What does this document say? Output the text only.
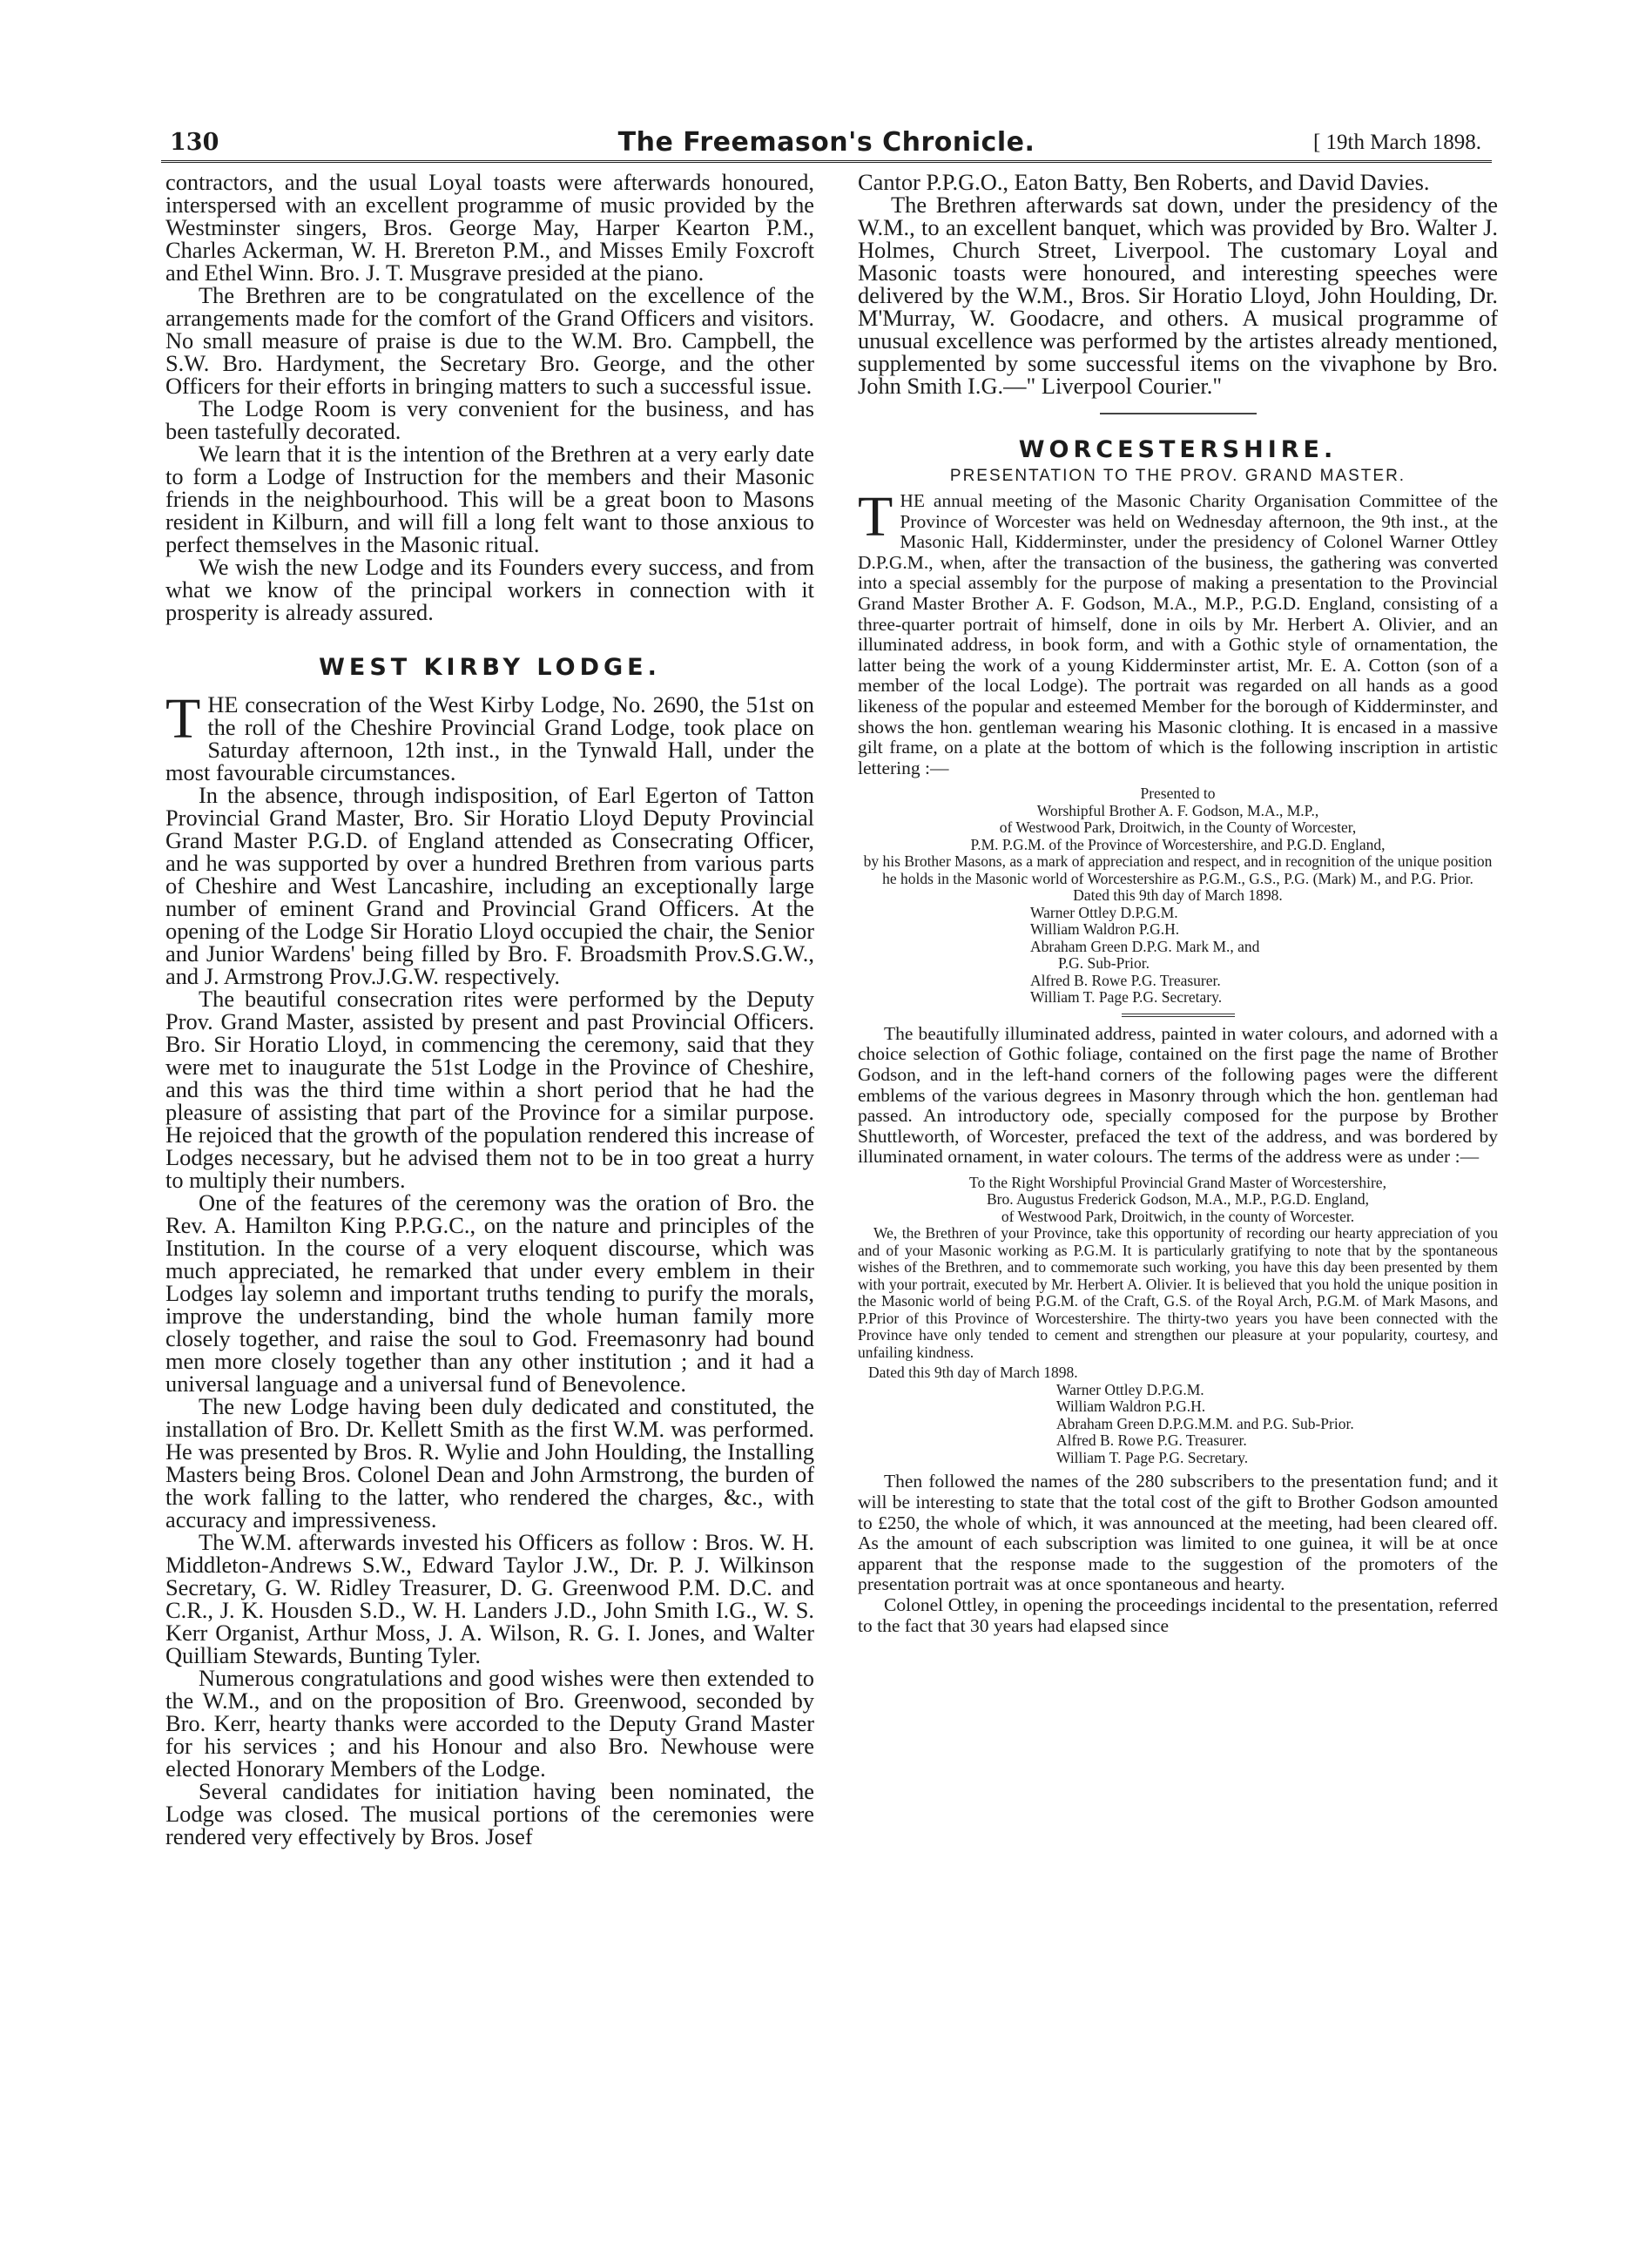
130	The Freemason's Chronicle.	[ 19th March 1898.

contractors, and the usual Loyal toasts were afterwards honoured, interspersed with an excellent programme of music provided by the Westminster singers, Bros. George May, Harper Kearton P.M., Charles Ackerman, W. H. Brereton P.M., and Misses Emily Foxcroft and Ethel Winn. Bro. J. T. Musgrave presided at the piano.

The Brethren are to be congratulated on the excellence of the arrangements made for the comfort of the Grand Officers and visitors. No small measure of praise is due to the W.M. Bro. Campbell, the S.W. Bro. Hardyment, the Secretary Bro. George, and the other Officers for their efforts in bringing matters to such a successful issue.

The Lodge Room is very convenient for the business, and has been tastefully decorated.

We learn that it is the intention of the Brethren at a very early date to form a Lodge of Instruction for the members and their Masonic friends in the neighbourhood. This will be a great boon to Masons resident in Kilburn, and will fill a long felt want to those anxious to perfect themselves in the Masonic ritual.

We wish the new Lodge and its Founders every success, and from what we know of the principal workers in connection with it prosperity is already assured.

WEST KIRBY LODGE.

THE consecration of the West Kirby Lodge, No. 2690, the 51st on the roll of the Cheshire Provincial Grand Lodge, took place on Saturday afternoon, 12th inst., in the Tynwald Hall, under the most favourable circumstances.

In the absence, through indisposition, of Earl Egerton of Tatton Provincial Grand Master, Bro. Sir Horatio Lloyd Deputy Provincial Grand Master P.G.D. of England attended as Consecrating Officer, and he was supported by over a hundred Brethren from various parts of Cheshire and West Lancashire, including an exceptionally large number of eminent Grand and Provincial Grand Officers. At the opening of the Lodge Sir Horatio Lloyd occupied the chair, the Senior and Junior Wardens' being filled by Bro. F. Broadsmith Prov.S.G.W., and J. Armstrong Prov.J.G.W. respectively.

The beautiful consecration rites were performed by the Deputy Prov. Grand Master, assisted by present and past Provincial Officers. Bro. Sir Horatio Lloyd, in commencing the ceremony, said that they were met to inaugurate the 51st Lodge in the Province of Cheshire, and this was the third time within a short period that he had the pleasure of assisting that part of the Province for a similar purpose. He rejoiced that the growth of the population rendered this increase of Lodges necessary, but he advised them not to be in too great a hurry to multiply their numbers.

One of the features of the ceremony was the oration of Bro. the Rev. A. Hamilton King P.P.G.C., on the nature and principles of the Institution. In the course of a very eloquent discourse, which was much appreciated, he remarked that under every emblem in their Lodges lay solemn and important truths tending to purify the morals, improve the understanding, bind the whole human family more closely together, and raise the soul to God. Freemasonry had bound men more closely together than any other institution ; and it had a universal language and a universal fund of Benevolence.

The new Lodge having been duly dedicated and constituted, the installation of Bro. Dr. Kellett Smith as the first W.M. was performed. He was presented by Bros. R. Wylie and John Houlding, the Installing Masters being Bros. Colonel Dean and John Armstrong, the burden of the work falling to the latter, who rendered the charges, &c., with accuracy and impressiveness.

The W.M. afterwards invested his Officers as follow : Bros. W. H. Middleton-Andrews S.W., Edward Taylor J.W., Dr. P. J. Wilkinson Secretary, G. W. Ridley Treasurer, D. G. Greenwood P.M. D.C. and C.R., J. K. Housden S.D., W. H. Landers J.D., John Smith I.G., W. S. Kerr Organist, Arthur Moss, J. A. Wilson, R. G. I. Jones, and Walter Quilliam Stewards, Bunting Tyler.

Numerous congratulations and good wishes were then extended to the W.M., and on the proposition of Bro. Greenwood, seconded by Bro. Kerr, hearty thanks were accorded to the Deputy Grand Master for his services ; and his Honour and also Bro. Newhouse were elected Honorary Members of the Lodge.

Several candidates for initiation having been nominated, the Lodge was closed. The musical portions of the ceremonies were rendered very effectively by Bros. Josef

Cantor P.P.G.O., Eaton Batty, Ben Roberts, and David Davies.

The Brethren afterwards sat down, under the presidency of the W.M., to an excellent banquet, which was provided by Bro. Walter J. Holmes, Church Street, Liverpool. The customary Loyal and Masonic toasts were honoured, and interesting speeches were delivered by the W.M., Bros. Sir Horatio Lloyd, John Houlding, Dr. M'Murray, W. Goodacre, and others. A musical programme of unusual excellence was performed by the artistes already mentioned, supplemented by some successful items on the vivaphone by Bro. John Smith I.G.—" Liverpool Courier."

WORCESTERSHIRE.
PRESENTATION TO THE PROV. GRAND MASTER.

THE annual meeting of the Masonic Charity Organisation Committee of the Province of Worcester was held on Wednesday afternoon, the 9th inst., at the Masonic Hall, Kidderminster, under the presidency of Colonel Warner Ottley D.P.G.M., when, after the transaction of the business, the gathering was converted into a special assembly for the purpose of making a presentation to the Provincial Grand Master Brother A. F. Godson, M.A., M.P., P.G.D. England, consisting of a three-quarter portrait of himself, done in oils by Mr. Herbert A. Olivier, and an illuminated address, in book form, and with a Gothic style of ornamentation, the latter being the work of a young Kidderminster artist, Mr. E. A. Cotton (son of a member of the local Lodge). The portrait was regarded on all hands as a good likeness of the popular and esteemed Member for the borough of Kidderminster, and shows the hon. gentleman wearing his Masonic clothing. It is encased in a massive gilt frame, on a plate at the bottom of which is the following inscription in artistic lettering :—

Presented to
Worshipful Brother A. F. Godson, M.A., M.P.,
of Westwood Park, Droitwich, in the County of Worcester,
P.M. P.G.M. of the Province of Worcestershire, and P.G.D. England,
by his Brother Masons, as a mark of appreciation and respect, and in recognition of the unique position he holds in the Masonic world of Worcestershire as P.G.M., G.S., P.G. (Mark) M., and P.G. Prior.
Dated this 9th day of March 1898.
Warner Ottley D.P.G.M.
William Waldron P.G.H.
Abraham Green D.P.G. Mark M., and
P.G. Sub-Prior.
Alfred B. Rowe P.G. Treasurer.
William T. Page P.G. Secretary.

The beautifully illuminated address, painted in water colours, and adorned with a choice selection of Gothic foliage, contained on the first page the name of Brother Godson, and in the left-hand corners of the following pages were the different emblems of the various degrees in Masonry through which the hon. gentleman had passed. An introductory ode, specially composed for the purpose by Brother Shuttleworth, of Worcester, prefaced the text of the address, and was bordered by illuminated ornament, in water colours. The terms of the address were as under :—

To the Right Worshipful Provincial Grand Master of Worcestershire,
Bro. Augustus Frederick Godson, M.A., M.P., P.G.D. England,
of Westwood Park, Droitwich, in the county of Worcester.
We, the Brethren of your Province, take this opportunity of recording our hearty appreciation of you and of your Masonic working as P.G.M. It is particularly gratifying to note that by the spontaneous wishes of the Brethren, and to commemorate such working, you have this day been presented by them with your portrait, executed by Mr. Herbert A. Olivier. It is believed that you hold the unique position in the Masonic world of being P.G.M. of the Craft, G.S. of the Royal Arch, P.G.M. of Mark Masons, and P.Prior of this Province of Worcestershire. The thirty-two years you have been connected with the Province have only tended to cement and strengthen our pleasure at your popularity, courtesy, and unfailing kindness.
Dated this 9th day of March 1898.
Warner Ottley D.P.G.M.
William Waldron P.G.H.
Abraham Green D.P.G.M.M. and P.G. Sub-Prior.
Alfred B. Rowe P.G. Treasurer.
William T. Page P.G. Secretary.

Then followed the names of the 280 subscribers to the presentation fund; and it will be interesting to state that the total cost of the gift to Brother Godson amounted to £250, the whole of which, it was announced at the meeting, had been cleared off. As the amount of each subscription was limited to one guinea, it will be at once apparent that the response made to the suggestion of the promoters of the presentation portrait was at once spontaneous and hearty.

Colonel Ottley, in opening the proceedings incidental to the presentation, referred to the fact that 30 years had elapsed since
